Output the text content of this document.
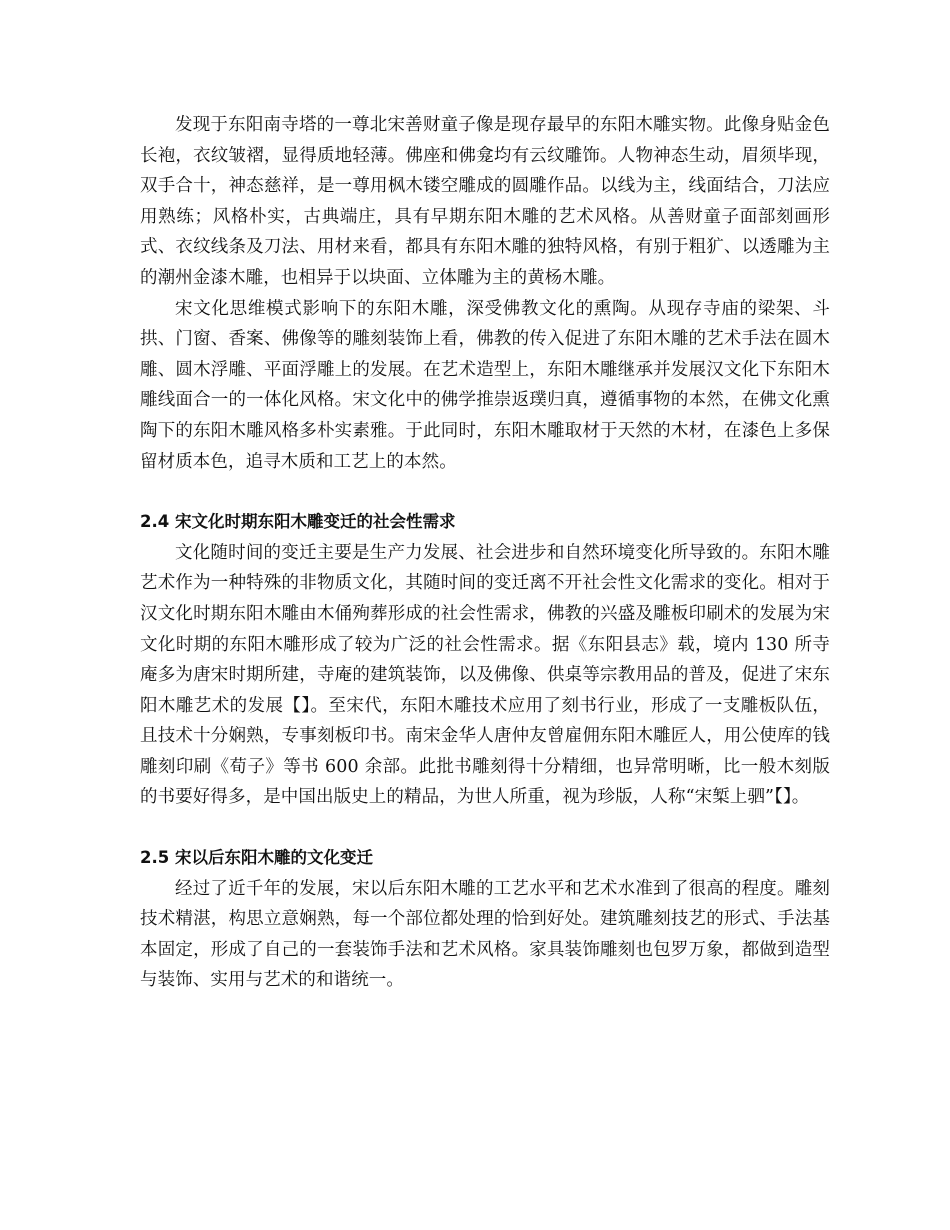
发现于东阳南寺塔的一尊北宋善财童子像是现存最早的东阳木雕实物。此像身贴金色长袍，衣纹皱褶，显得质地轻薄。佛座和佛龛均有云纹雕饰。人物神态生动，眉须毕现，双手合十，神态慈祥，是一尊用枫木镂空雕成的圆雕作品。以线为主，线面结合，刀法应用熟练；风格朴实，古典端庄，具有早期东阳木雕的艺术风格。从善财童子面部刻画形式、衣纹线条及刀法、用材来看，都具有东阳木雕的独特风格，有别于粗犷、以透雕为主的潮州金漆木雕，也相异于以块面、立体雕为主的黄杨木雕。

宋文化思维模式影响下的东阳木雕，深受佛教文化的熏陶。从现存寺庙的梁架、斗拱、门窗、香案、佛像等的雕刻装饰上看，佛教的传入促进了东阳木雕的艺术手法在圆木雕、圆木浮雕、平面浮雕上的发展。在艺术造型上，东阳木雕继承并发展汉文化下东阳木雕线面合一的一体化风格。宋文化中的佛学推崇返璞归真，遵循事物的本然，在佛文化熏陶下的东阳木雕风格多朴实素雅。于此同时，东阳木雕取材于天然的木材，在漆色上多保留材质本色，追寻木质和工艺上的本然。

2.4 宋文化时期东阳木雕变迁的社会性需求

文化随时间的变迁主要是生产力发展、社会进步和自然环境变化所导致的。东阳木雕艺术作为一种特殊的非物质文化，其随时间的变迁离不开社会性文化需求的变化。相对于汉文化时期东阳木雕由木俑殉葬形成的社会性需求，佛教的兴盛及雕板印刷术的发展为宋文化时期的东阳木雕形成了较为广泛的社会性需求。据《东阳县志》载，境内 130 所寺庵多为唐宋时期所建，寺庵的建筑装饰，以及佛像、供桌等宗教用品的普及，促进了宋东阳木雕艺术的发展【】。至宋代，东阳木雕技术应用了刻书行业，形成了一支雕板队伍，且技术十分娴熟，专事刻板印书。南宋金华人唐仲友曾雇佣东阳木雕匠人，用公使库的钱雕刻印刷《荀子》等书 600 余部。此批书雕刻得十分精细，也异常明晰，比一般木刻版的书要好得多，是中国出版史上的精品，为世人所重，视为珍版，人称“宋椠上驷”【】。

2.5 宋以后东阳木雕的文化变迁

经过了近千年的发展，宋以后东阳木雕的工艺水平和艺术水准到了很高的程度。雕刻技术精湛，构思立意娴熟，每一个部位都处理的恰到好处。建筑雕刻技艺的形式、手法基本固定，形成了自己的一套装饰手法和艺术风格。家具装饰雕刻也包罗万象，都做到造型与装饰、实用与艺术的和谐统一。
